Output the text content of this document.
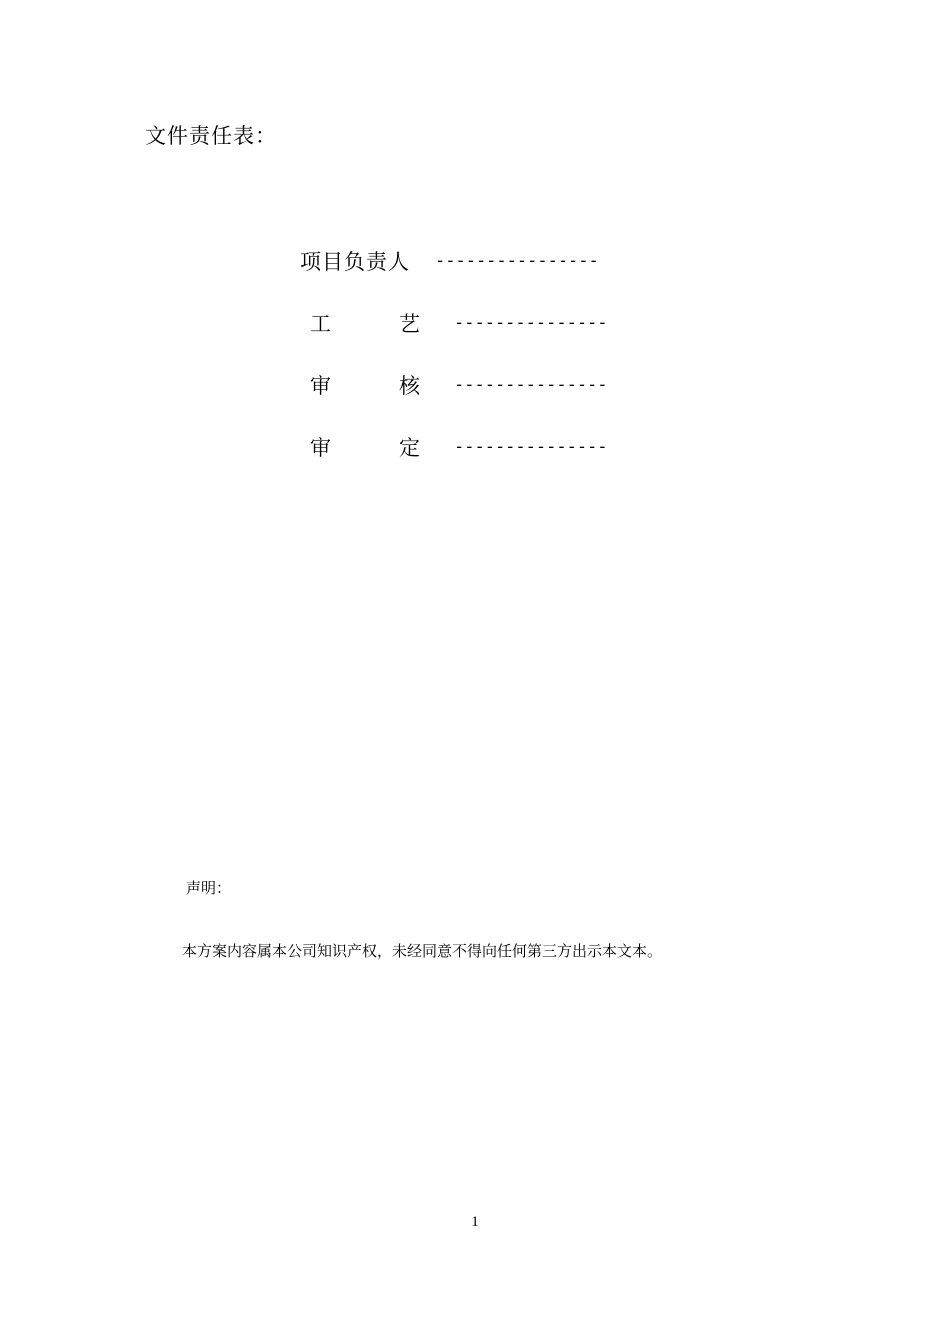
文件责任表：
项目负责人 ----------------
工	艺 ---------------
审	核 ---------------
审	定 ---------------
声明：
本方案内容属本公司知识产权，未经同意不得向任何第三方出示本文本。
1
